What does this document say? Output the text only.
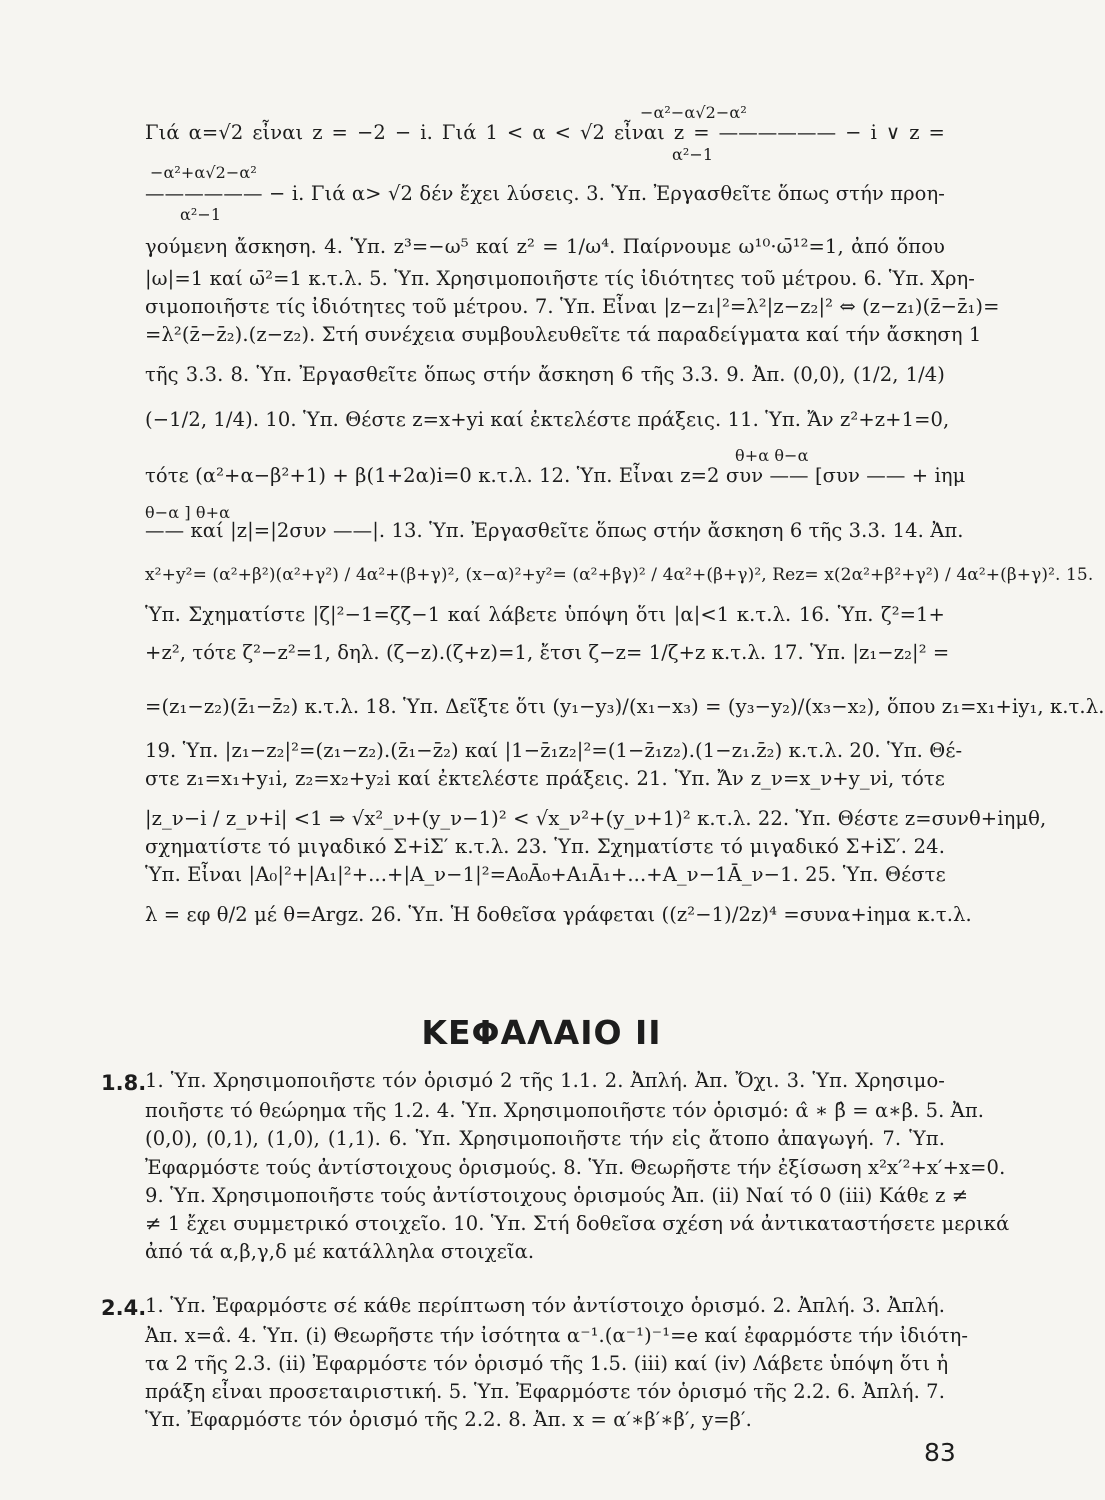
−α²−α√2−α²
Γιά α=√2 εἶναι z = −2 − i. Γιά 1 < α < √2 εἶναι z = —————— − i ∨ z =
α²−1
−α²+α√2−α²
—————— − i. Γιά α> √2 δέν ἔχει λύσεις. 3. Ὑπ. Ἐργασθεῖτε ὅπως στήν προη-
α²−1
γούμενη ἄσκηση. 4. Ὑπ. z³=−ω⁵ καί z² = 1/ω⁴. Παίρνουμε ω¹⁰·ω̄¹²=1, ἀπό ὅπου
|ω|=1 καί ω̄²=1 κ.τ.λ. 5. Ὑπ. Χρησιμοποιῆστε τίς ἰδιότητες τοῦ μέτρου. 6. Ὑπ. Χρη-
σιμοποιῆστε τίς ἰδιότητες τοῦ μέτρου. 7. Ὑπ. Εἶναι |z−z₁|²=λ²|z−z₂|² ⇔ (z−z₁)(z̄−z̄₁)=
=λ²(z̄−z̄₂).(z−z₂). Στή συνέχεια συμβουλευθεῖτε τά παραδείγματα καί τήν ἄσκηση 1
τῆς 3.3. 8. Ὑπ. Ἐργασθεῖτε ὅπως στήν ἄσκηση 6 τῆς 3.3. 9. Ἀπ. (0,0), (1/2, 1/4)
(−1/2, 1/4). 10. Ὑπ. Θέστε z=x+yi καί ἐκτελέστε πράξεις. 11. Ὑπ. Ἄν z²+z+1=0,
θ+α θ−α
τότε (α²+α−β²+1) + β(1+2α)i=0 κ.τ.λ. 12. Ὑπ. Εἶναι z=2 συν —— [συν —— + iημ
θ−α ] θ+α
—— καί |z|=|2συν ——|. 13. Ὑπ. Ἐργασθεῖτε ὅπως στήν ἄσκηση 6 τῆς 3.3. 14. Ἀπ.
x²+y²= (α²+β²)(α²+γ²) / 4α²+(β+γ)², (x−α)²+y²= (α²+βγ)² / 4α²+(β+γ)², Rez= x(2α²+β²+γ²) / 4α²+(β+γ)². 15.
Ὑπ. Σχηματίστε |ζ|²−1=ζζ̄−1 καί λάβετε ὑπόψη ὅτι |α|<1 κ.τ.λ. 16. Ὑπ. ζ²=1+
+z², τότε ζ²−z²=1, δηλ. (ζ−z).(ζ+z)=1, ἔτσι ζ−z= 1/ζ+z κ.τ.λ. 17. Ὑπ. |z₁−z₂|² =
=(z₁−z₂)(z̄₁−z̄₂) κ.τ.λ. 18. Ὑπ. Δεῖξτε ὅτι (y₁−y₃)/(x₁−x₃) = (y₃−y₂)/(x₃−x₂), ὅπου z₁=x₁+iy₁, κ.τ.λ.
19. Ὑπ. |z₁−z₂|²=(z₁−z₂).(z̄₁−z̄₂) καί |1−z̄₁z₂|²=(1−z̄₁z₂).(1−z₁.z̄₂) κ.τ.λ. 20. Ὑπ. Θέ-
στε z₁=x₁+y₁i, z₂=x₂+y₂i καί ἐκτελέστε πράξεις. 21. Ὑπ. Ἄν z_ν=x_ν+y_νi, τότε
|z_ν−i / z_ν+i| <1 ⇒ √x²_ν+(y_ν−1)² < √x_ν²+(y_ν+1)² κ.τ.λ. 22. Ὑπ. Θέστε z=συνθ+iημθ,
σχηματίστε τό μιγαδικό Σ+iΣ′ κ.τ.λ. 23. Ὑπ. Σχηματίστε τό μιγαδικό Σ+iΣ′. 24.
Ὑπ. Εἶναι |A₀|²+|A₁|²+...+|A_ν−1|²=A₀Ā₀+A₁Ā₁+...+A_ν−1Ā_ν−1. 25. Ὑπ. Θέστε
λ = εφ θ/2 μέ θ=Argz. 26. Ὑπ. Ἡ δοθεῖσα γράφεται ((z²−1)/2z)⁴ =συνα+iημα κ.τ.λ.
ΚΕΦΑΛΑΙΟ II
1.8.
1. Ὑπ. Χρησιμοποιῆστε τόν ὁρισμό 2 τῆς 1.1. 2. Ἀπλή. Ἀπ. Ὄχι. 3. Ὑπ. Χρησιμο-
ποιῆστε τό θεώρημα τῆς 1.2. 4. Ὑπ. Χρησιμοποιῆστε τόν ὁρισμό: α̂ ∗ β̂ = α∗β. 5. Ἀπ.
(0,0), (0,1), (1,0), (1,1). 6. Ὑπ. Χρησιμοποιῆστε τήν εἰς ἄτοπο ἀπαγωγή. 7. Ὑπ.
Ἐφαρμόστε τούς ἀντίστοιχους ὁρισμούς. 8. Ὑπ. Θεωρῆστε τήν ἐξίσωση x²x′²+x′+x=0.
9. Ὑπ. Χρησιμοποιῆστε τούς ἀντίστοιχους ὁρισμούς Ἀπ. (ii) Ναί τό 0 (iii) Κάθε z ≠
≠ 1 ἔχει συμμετρικό στοιχεῖο. 10. Ὑπ. Στή δοθεῖσα σχέση νά ἀντικαταστήσετε μερικά
ἀπό τά α,β,γ,δ μέ κατάλληλα στοιχεῖα.
2.4.
1. Ὑπ. Ἐφαρμόστε σέ κάθε περίπτωση τόν ἀντίστοιχο ὁρισμό. 2. Ἀπλή. 3. Ἀπλή.
Ἀπ. x=α̂. 4. Ὑπ. (i) Θεωρῆστε τήν ἰσότητα α⁻¹.(α⁻¹)⁻¹=e καί ἐφαρμόστε τήν ἰδιότη-
τα 2 τῆς 2.3. (ii) Ἐφαρμόστε τόν ὁρισμό τῆς 1.5. (iii) καί (iv) Λάβετε ὑπόψη ὅτι ἡ
πράξη εἶναι προσεταιριστική. 5. Ὑπ. Ἐφαρμόστε τόν ὁρισμό τῆς 2.2. 6. Ἀπλή. 7.
Ὑπ. Ἐφαρμόστε τόν ὁρισμό τῆς 2.2. 8. Ἀπ. x = α′∗β′∗β′, y=β′.
83
